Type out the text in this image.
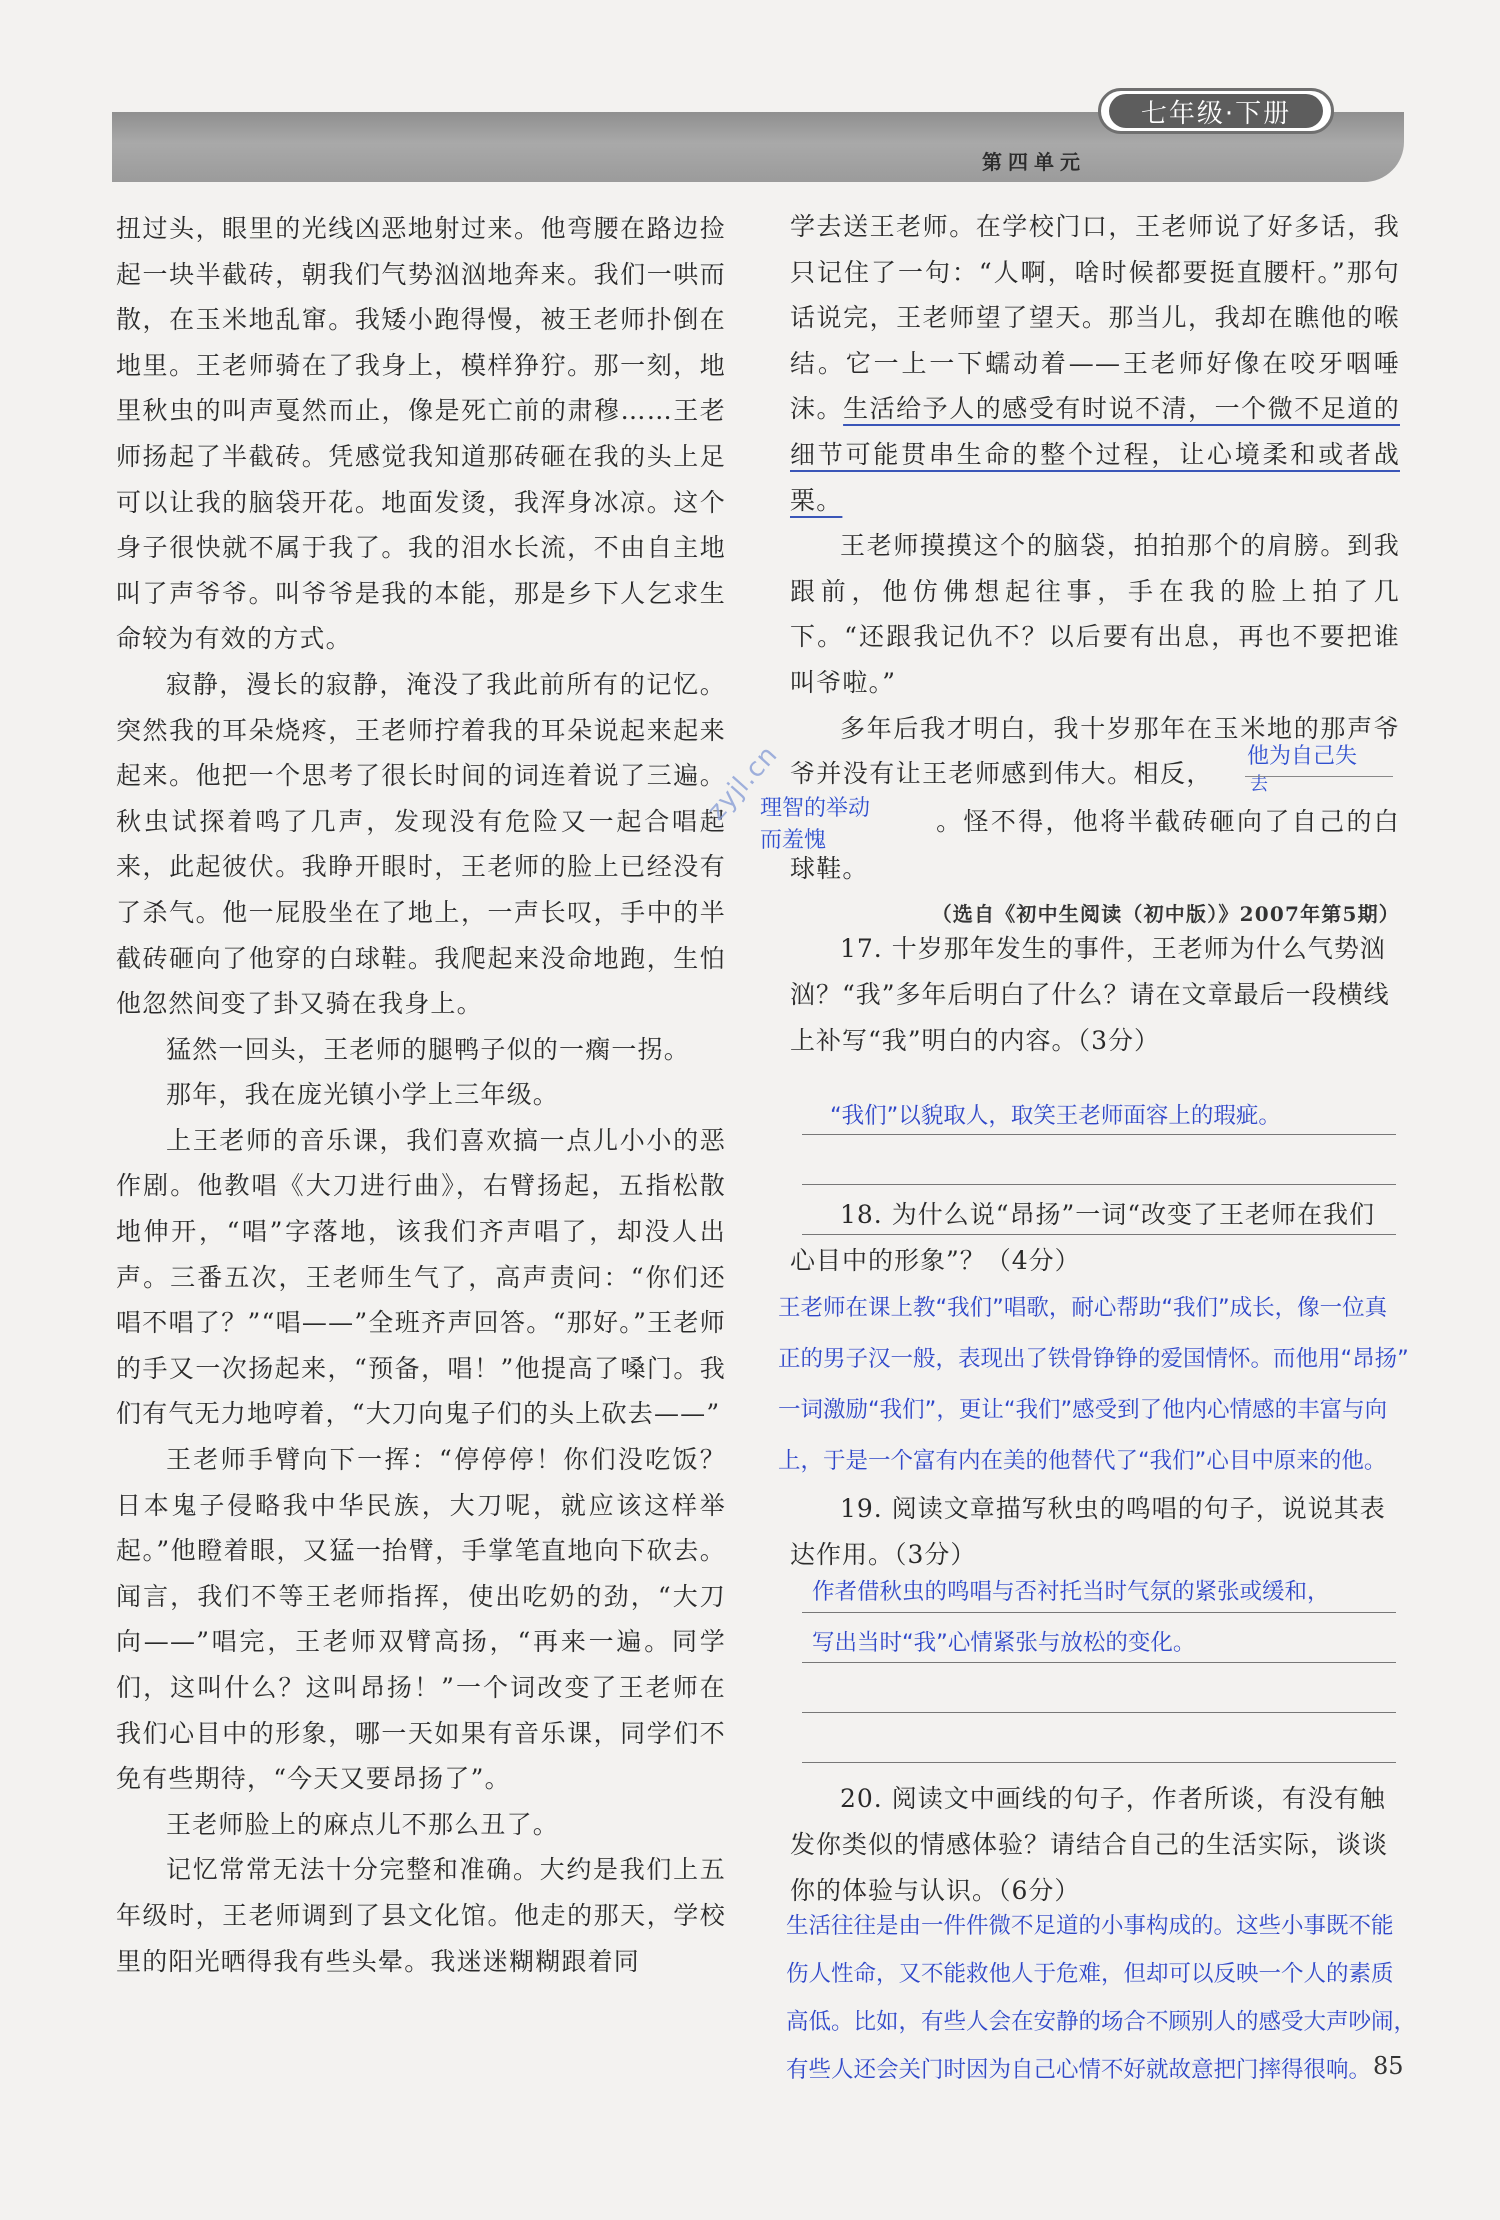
七年级·下册
第四单元

扭过头，眼里的光线凶恶地射过来。他弯腰在路边捡起一块半截砖，朝我们气势汹汹地奔来。我们一哄而散，在玉米地乱窜。我矮小跑得慢，被王老师扑倒在地里。王老师骑在了我身上，模样狰狞。那一刻，地里秋虫的叫声戛然而止，像是死亡前的肃穆……王老师扬起了半截砖。凭感觉我知道那砖砸在我的头上足可以让我的脑袋开花。地面发烫，我浑身冰凉。这个身子很快就不属于我了。我的泪水长流，不由自主地叫了声爷爷。叫爷爷是我的本能，那是乡下人乞求生命较为有效的方式。

寂静，漫长的寂静，淹没了我此前所有的记忆。突然我的耳朵烧疼，王老师拧着我的耳朵说起来起来起来。他把一个思考了很长时间的词连着说了三遍。秋虫试探着鸣了几声，发现没有危险又一起合唱起来，此起彼伏。我睁开眼时，王老师的脸上已经没有了杀气。他一屁股坐在了地上，一声长叹，手中的半截砖砸向了他穿的白球鞋。我爬起来没命地跑，生怕他忽然间变了卦又骑在我身上。

猛然一回头，王老师的腿鸭子似的一瘸一拐。

那年，我在庞光镇小学上三年级。

上王老师的音乐课，我们喜欢搞一点儿小小的恶作剧。他教唱《大刀进行曲》，右臂扬起，五指松散地伸开，“唱”字落地，该我们齐声唱了，却没人出声。三番五次，王老师生气了，高声责问：“你们还唱不唱了？”“唱——”全班齐声回答。“那好。”王老师的手又一次扬起来，“预备，唱！”他提高了嗓门。我们有气无力地哼着，“大刀向鬼子们的头上砍去——”

王老师手臂向下一挥：“停停停！你们没吃饭？日本鬼子侵略我中华民族，大刀呢，就应该这样举起。”他瞪着眼，又猛一抬臂，手掌笔直地向下砍去。闻言，我们不等王老师指挥，使出吃奶的劲，“大刀向——”唱完，王老师双臂高扬，“再来一遍。同学们，这叫什么？这叫昂扬！”一个词改变了王老师在我们心目中的形象，哪一天如果有音乐课，同学们不免有些期待，“今天又要昂扬了”。

王老师脸上的麻点儿不那么丑了。

记忆常常无法十分完整和准确。大约是我们上五年级时，王老师调到了县文化馆。他走的那天，学校里的阳光晒得我有些头晕。我迷迷糊糊跟着同

学去送王老师。在学校门口，王老师说了好多话，我只记住了一句：“人啊，啥时候都要挺直腰杆。”那句话说完，王老师望了望天。那当儿，我却在瞧他的喉结。它一上一下蠕动着——王老师好像在咬牙咽唾沫。生活给予人的感受有时说不清，一个微不足道的细节可能贯串生命的整个过程，让心境柔和或者战栗。

王老师摸摸这个的脑袋，拍拍那个的肩膀。到我跟前，他仿佛想起往事，手在我的脸上拍了几下。“还跟我记仇不？以后要有出息，再也不要把谁叫爷啦。”

多年后我才明白，我十岁那年在玉米地的那声爷爷并没有让王老师感到伟大。相反，。怪不得，他将半截砖砸向了自己的白球鞋。

（选自《初中生阅读（初中版）》2007年第5期）

他为自己失
去
理智的举动
而羞愧
zyjl.cn

17. 十岁那年发生的事件，王老师为什么气势汹汹？“我”多年后明白了什么？请在文章最后一段横线上补写“我”明白的内容。（3分）

“我们”以貌取人，取笑王老师面容上的瑕疵。

18. 为什么说“昂扬”一词“改变了王老师在我们心目中的形象”？（4分）

王老师在课上教“我们”唱歌，耐心帮助“我们”成长，像一位真

正的男子汉一般，表现出了铁骨铮铮的爱国情怀。而他用“昂扬”

一词激励“我们”，更让“我们”感受到了他内心情感的丰富与向

上，于是一个富有内在美的他替代了“我们”心目中原来的他。

19. 阅读文章描写秋虫的鸣唱的句子，说说其表达作用。（3分）

作者借秋虫的鸣唱与否衬托当时气氛的紧张或缓和，

写出当时“我”心情紧张与放松的变化。

20. 阅读文中画线的句子，作者所谈，有没有触发你类似的情感体验？请结合自己的生活实际，谈谈你的体验与认识。（6分）

生活往往是由一件件微不足道的小事构成的。这些小事既不能

伤人性命，又不能救他人于危难，但却可以反映一个人的素质

高低。比如，有些人会在安静的场合不顾别人的感受大声吵闹，

有些人还会关门时因为自己心情不好就故意把门摔得很响。 85
